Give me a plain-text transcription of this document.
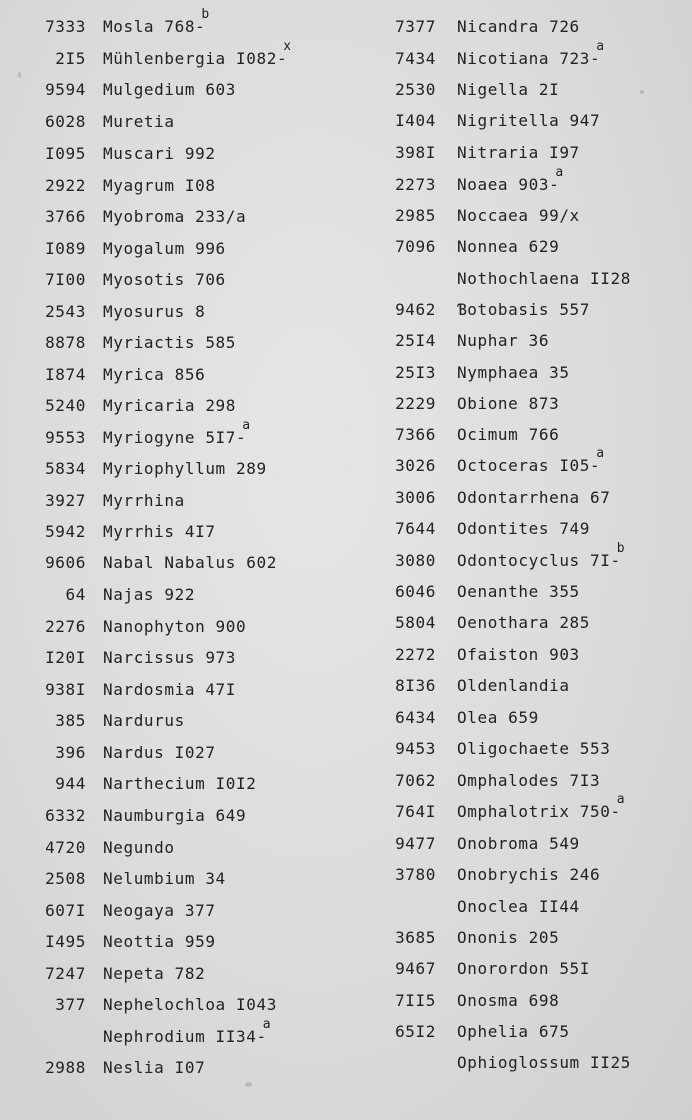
7333 Mosla 768-$^b$
2I5 Mühlenbergia I082-$^x$
9594 Mulgedium 603
6028 Muretia
I095 Muscari 992
2922 Myagrum I08
3766 Myobroma 233/a
I089 Myogalum 996
7I00 Myosotis 706
2543 Myosurus 8
8878 Myriactis 585
I874 Myrica 856
5240 Myricaria 298
9553 Myriogyne 5I7-$^a$
5834 Myriophyllum 289
3927 Myrrhina
5942 Myrrhis 4I7
9606 Nabal Nabalus 602
64 Najas 922
2276 Nanophyton 900
I20I Narcissus 973
938I Nardosmia 47I
385 Nardurus
396 Nardus I027
944 Narthecium I0I2
6332 Naumburgia 649
4720 Negundo
2508 Nelumbium 34
607I Neogaya 377
I495 Neottia 959
7247 Nepeta 782
377 Nephelochloa I043
Nephrodium II34-$^a$
2988 Neslia I07
7377 Nicandra 726
7434 Nicotiana 723-$^a$
2530 Nigella 2I
I404 Nigritella 947
398I Nitraria I97
2273 Noaea 903-$^a$
2985 Noccaea 99/x
7096 Nonnea 629
Nothochlaena II28
9462 Ɓotobasis 557
25I4 Nuphar 36
25I3 Nymphaea 35
2229 Obione 873
7366 Ocimum 766
3026 Octoceras I05-$^a$
3006 Odontarrhena 67
7644 Odontites 749
3080 Odontocyclus 7I-$^b$
6046 Oenanthe 355
5804 Oenothara 285
2272 Ofaiston 903
8I36 Oldenlandia
6434 Olea 659
9453 Oligochaete 553
7062 Omphalodes 7I3
764I Omphalotrix 750-$^a$
9477 Onobroma 549
3780 Onobrychis 246
Onoclea II44
3685 Ononis 205
9467 Onorordon 55I
7II5 Onosma 698
65I2 Ophelia 675
Ophioglossum II25
